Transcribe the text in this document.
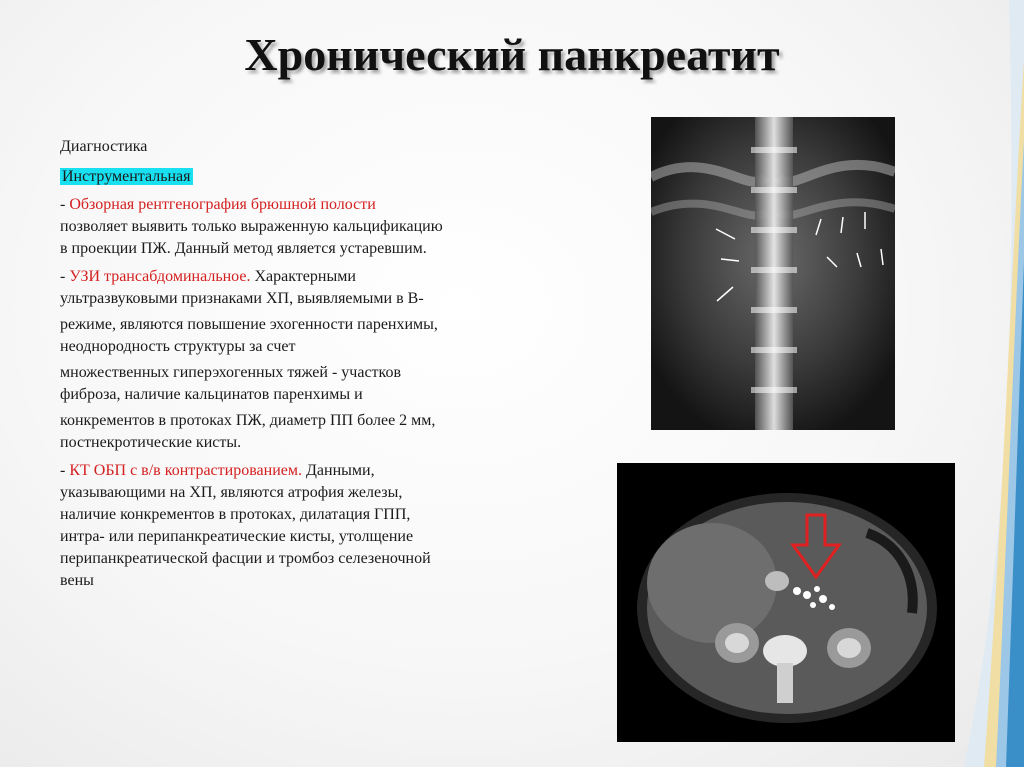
Хронический панкреатит

Диагностика

Инструментальная

- Обзорная рентгенография брюшной полости

позволяет выявить только выраженную кальцификацию

в проекции ПЖ. Данный метод является устаревшим.

- УЗИ трансабдоминальное. Характерными

ультразвуковыми признаками ХП, выявляемыми в В-

режиме, являются повышение эхогенности паренхимы,

неоднородность структуры за счет

множественных гиперэхогенных тяжей - участков

фиброза, наличие кальцинатов паренхимы и

конкрементов в протоках ПЖ, диаметр ПП более 2 мм,

постнекротические кисты.

- КТ ОБП с в/в контрастированием. Данными,

указывающими на ХП, являются атрофия железы,

наличие конкрементов в протоках, дилатация ГПП,

интра- или перипанкреатические кисты, утолщение

перипанкреатической фасции и тромбоз селезеночной

вены
